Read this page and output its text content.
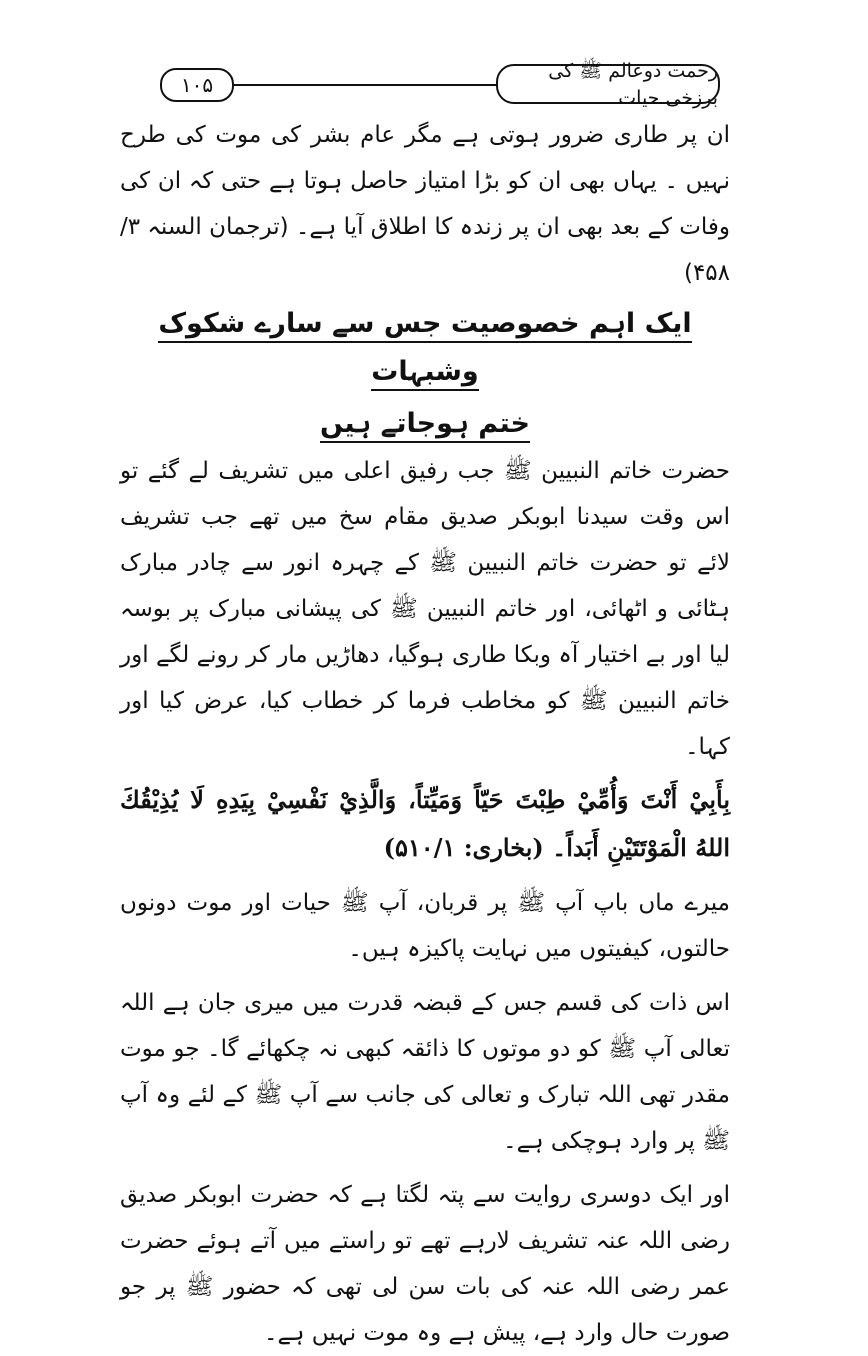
۱۰۵
رحمت دوعالم ﷺ کی برزخی حیات

ان پر طاری ضرور ہوتی ہے مگر عام بشر کی موت کی طرح نہیں ۔ یہاں بھی ان کو بڑا امتیاز حاصل ہوتا ہے حتی کہ ان کی وفات کے بعد بھی ان پر زندہ کا اطلاق آیا ہے۔ (ترجمان السنہ ۳/ ۴۵۸)

ایک اہم خصوصیت جس سے سارے شکوک وشبہات
ختم ہوجاتے ہیں

حضرت خاتم النبیین ﷺ جب رفیق اعلی میں تشریف لے گئے تو اس وقت سیدنا ابوبکر صدیق مقام سخ میں تھے جب تشریف لائے تو حضرت خاتم النبیین ﷺ کے چہرہ انور سے چادر مبارک ہٹائی و اٹھائی، اور خاتم النبیین ﷺ کی پیشانی مبارک پر بوسہ لیا اور بے اختیار آہ وبکا طاری ہوگیا، دھاڑیں مار کر رونے لگے اور خاتم النبیین ﷺ کو مخاطب فرما کر خطاب کیا، عرض کیا اور کہا۔

بِأَبِيْ أَنْتَ وَأُمِّيْ طِبْتَ حَيّاً وَمَيِّتاً، وَالَّذِيْ نَفْسِيْ بِيَدِهِ لَا يُذِيْقُكَ اللهُ الْمَوْتَتَيْنِ أَبَداً۔ (بخاری: ۵۱۰/۱)

میرے ماں باپ آپ ﷺ پر قربان، آپ ﷺ حیات اور موت دونوں حالتوں، کیفیتوں میں نہایت پاکیزہ ہیں۔

اس ذات کی قسم جس کے قبضہ قدرت میں میری جان ہے اللہ تعالی آپ ﷺ کو دو موتوں کا ذائقہ کبھی نہ چکھائے گا۔ جو موت مقدر تھی اللہ تبارک و تعالی کی جانب سے آپ ﷺ کے لئے وہ آپ ﷺ پر وارد ہوچکی ہے۔

اور ایک دوسری روایت سے پتہ لگتا ہے کہ حضرت ابوبکر صدیق رضی اللہ عنہ تشریف لارہے تھے تو راستے میں آتے ہوئے حضرت عمر رضی اللہ عنہ کی بات سن لی تھی کہ حضور ﷺ پر جو صورت حال وارد ہے، پیش ہے وہ موت نہیں ہے۔
